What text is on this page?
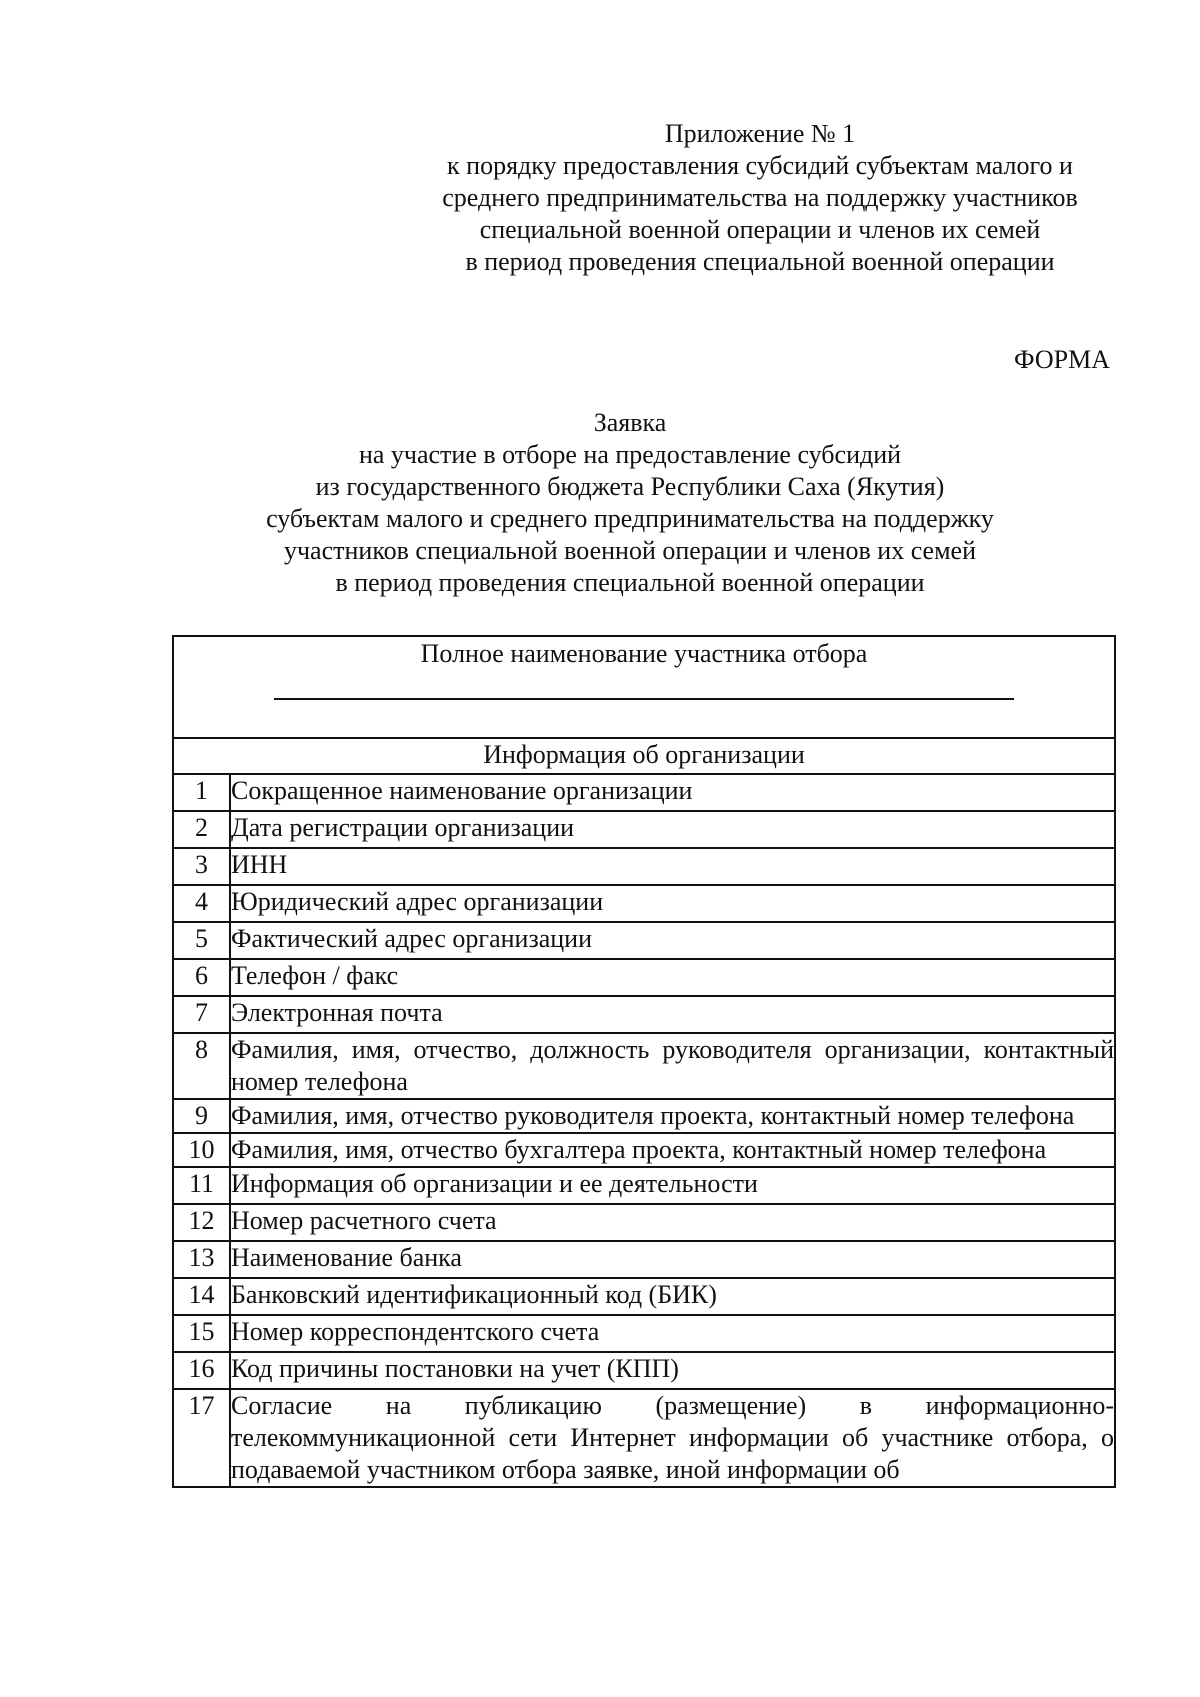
Приложение № 1
к порядку предоставления субсидий субъектам малого и
среднего предпринимательства на поддержку участников
специальной военной операции и членов их семей
в период проведения специальной военной операции
ФОРМА
Заявка
на участие в отборе на предоставление субсидий
из государственного бюджета Республики Саха (Якутия)
субъектам малого и среднего предпринимательства на поддержку
участников специальной военной операции и членов их семей
в период проведения специальной военной операции
Полное наименование участника отбора	

Информация об организации	
1	Сокращенное наименование организации
2	Дата регистрации организации
3	ИНН
4	Юридический адрес организации
5	Фактический адрес организации
6	Телефон / факс
7	Электронная почта
8	Фамилия, имя, отчество, должность руководителя организации, контактный номер телефона
9	Фамилия, имя, отчество руководителя проекта, контактный номер телефона
10	Фамилия, имя, отчество бухгалтера проекта, контактный номер телефона
11	Информация об организации и ее деятельности
12	Номер расчетного счета
13	Наименование банка
14	Банковский идентификационный код (БИК)
15	Номер корреспондентского счета
16	Код причины постановки на учет (КПП)
17	Согласие на публикацию (размещение) в информационно-телекоммуникационной сети Интернет информации об участнике отбора, о подаваемой участником отбора заявке, иной информации об
